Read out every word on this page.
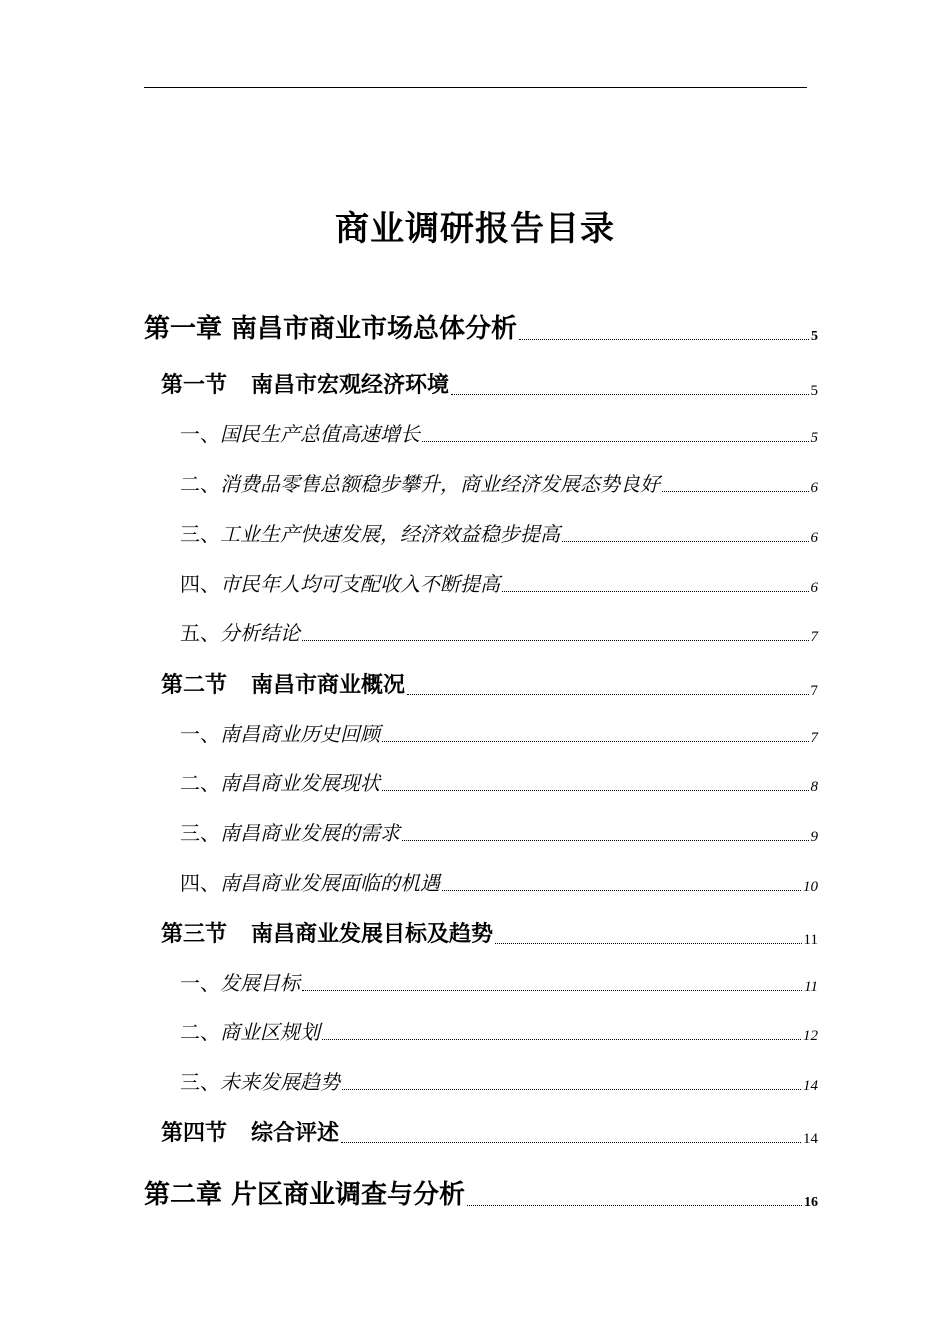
商业调研报告目录
第一章 南昌市商业市场总体分析	5
第一节 南昌市宏观经济环境	5
一、国民生产总值高速增长	5
二、消费品零售总额稳步攀升，商业经济发展态势良好	6
三、工业生产快速发展，经济效益稳步提高	6
四、市民年人均可支配收入不断提高	6
五、分析结论	7
第二节 南昌市商业概况	7
一、南昌商业历史回顾	7
二、南昌商业发展现状	8
三、南昌商业发展的需求	9
四、南昌商业发展面临的机遇	10
第三节 南昌商业发展目标及趋势	11
一、发展目标	11
二、商业区规划	12
三、未来发展趋势	14
第四节 综合评述	14
第二章 片区商业调查与分析	16
